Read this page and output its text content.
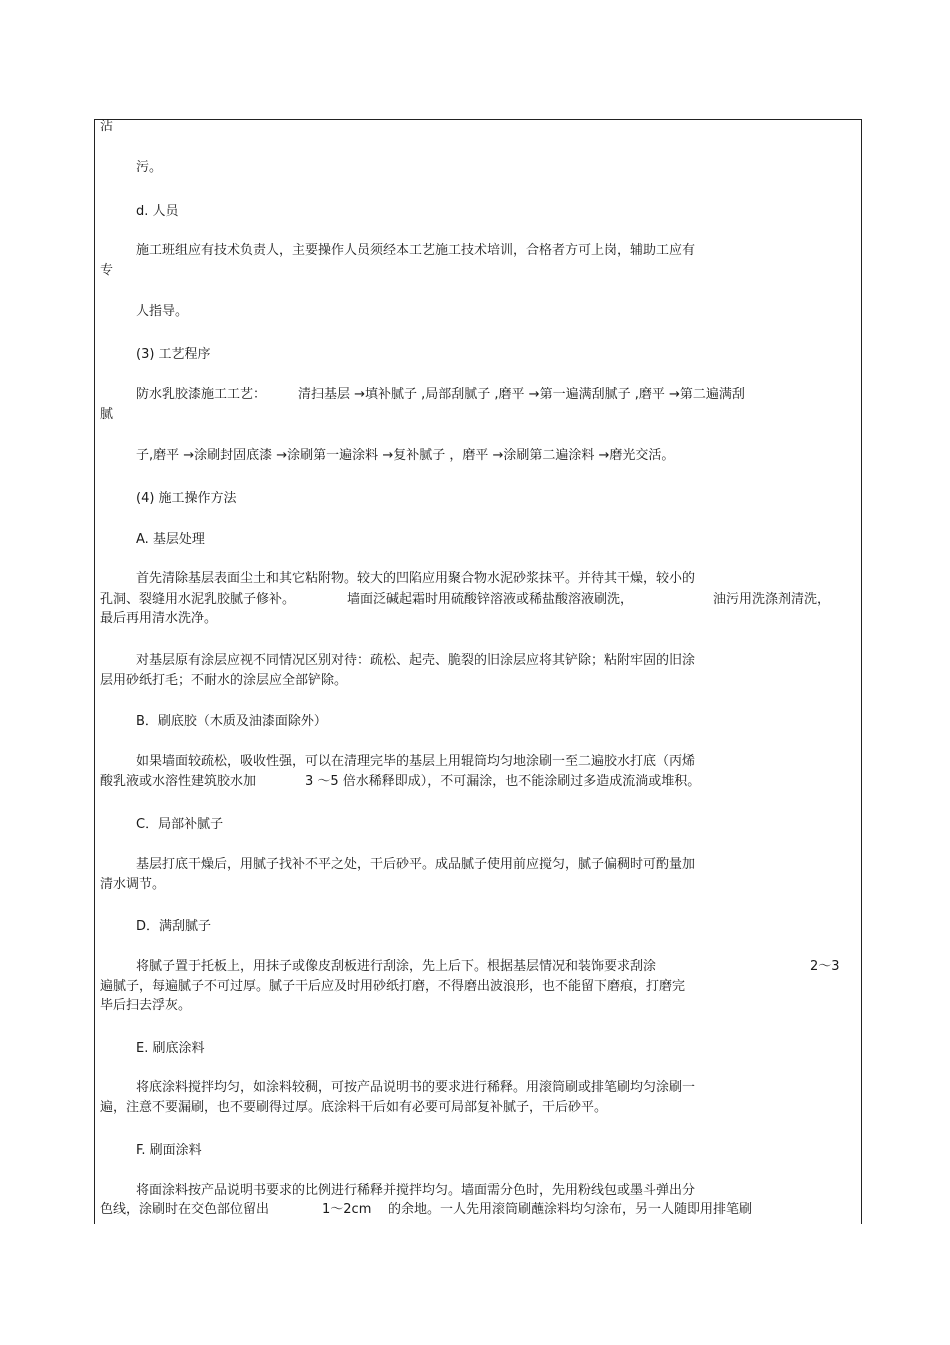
沾
污。
d. 人员
施工班组应有技术负责人，主要操作人员须经本工艺施工技术培训，合格者方可上岗，辅助工应有
专
人指导。
(3) 工艺程序
防水乳胶漆施工工艺： 清扫基层 →填补腻子 ,局部刮腻子 ,磨平 →第一遍满刮腻子 ,磨平 →第二遍满刮
腻
子,磨平 →涂刷封固底漆 →涂刷第一遍涂料 →复补腻子 ，磨平 →涂刷第二遍涂料 →磨光交活。
(4) 施工操作方法
A. 基层处理
首先清除基层表面尘土和其它粘附物。较大的凹陷应用聚合物水泥砂浆抹平。并待其干燥，较小的
孔洞、裂缝用水泥乳胶腻子修补。	墙面泛碱起霜时用硫酸锌溶液或稀盐酸溶液刷洗，	油污用洗涤剂清洗，
最后再用清水洗净。
对基层原有涂层应视不同情况区别对待：疏松、起壳、脆裂的旧涂层应将其铲除；粘附牢固的旧涂
层用砂纸打毛；不耐水的涂层应全部铲除。
B．刷底胶（木质及油漆面除外）
如果墙面较疏松，吸收性强，可以在清理完毕的基层上用辊筒均匀地涂刷一至二遍胶水打底（丙烯
酸乳液或水溶性建筑胶水加	3 ～5 倍水稀释即成），不可漏涂，也不能涂刷过多造成流淌或堆积。
C．局部补腻子
基层打底干燥后，用腻子找补不平之处，干后砂平。成品腻子使用前应搅匀，腻子偏稠时可酌量加
清水调节。
D．满刮腻子
将腻子置于托板上，用抹子或像皮刮板进行刮涂，先上后下。根据基层情况和装饰要求刮涂	2～3
遍腻子，每遍腻子不可过厚。腻子干后应及时用砂纸打磨，不得磨出波浪形，也不能留下磨痕，打磨完
毕后扫去浮灰。
E. 刷底涂料
将底涂料搅拌均匀，如涂料较稠，可按产品说明书的要求进行稀释。用滚筒刷或排笔刷均匀涂刷一
遍，注意不要漏刷，也不要刷得过厚。底涂料干后如有必要可局部复补腻子，干后砂平。
F. 刷面涂料
将面涂料按产品说明书要求的比例进行稀释并搅拌均匀。墙面需分色时，先用粉线包或墨斗弹出分
色线，涂刷时在交色部位留出	1～2cm 的余地。一人先用滚筒刷蘸涂料均匀涂布，另一人随即用排笔刷
